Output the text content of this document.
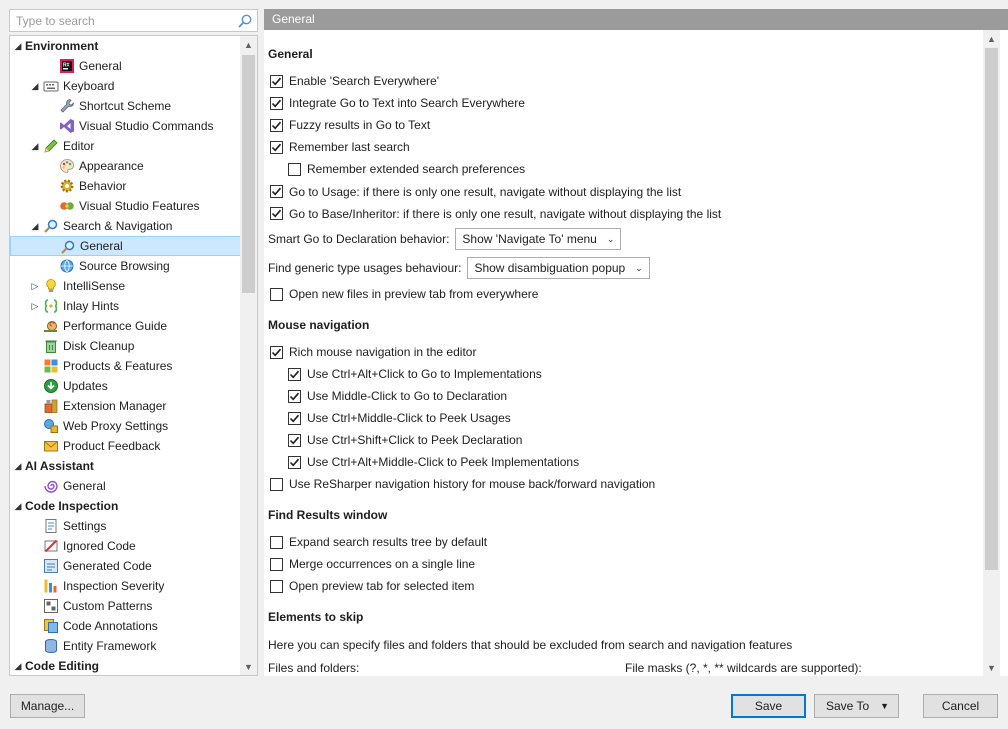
Type to search
◢ Environment
R# General
◢ Keyboard
Shortcut Scheme
Visual Studio Commands
◢ Editor
Appearance
Behavior
Visual Studio Features
◢ Search & Navigation
General
Source Browsing
▷ IntelliSense
▷ Inlay Hints
Performance Guide
Disk Cleanup
Products & Features
Updates
Extension Manager
Web Proxy Settings
Product Feedback
◢ AI Assistant
General
◢ Code Inspection
Settings
Ignored Code
Generated Code
Inspection Severity
Custom Patterns
Code Annotations
Entity Framework
◢ Code Editing
▲
▼
General
General
Enable 'Search Everywhere'
Integrate Go to Text into Search Everywhere
Fuzzy results in Go to Text
Remember last search
Remember extended search preferences
Go to Usage: if there is only one result, navigate without displaying the list
Go to Base/Inheritor: if there is only one result, navigate without displaying the list
Smart Go to Declaration behavior: Show 'Navigate To' menu ⌄
Find generic type usages behaviour: Show disambiguation popup ⌄
Open new files in preview tab from everywhere
Mouse navigation
Rich mouse navigation in the editor
Use Ctrl+Alt+Click to Go to Implementations
Use Middle-Click to Go to Declaration
Use Ctrl+Middle-Click to Peek Usages
Use Ctrl+Shift+Click to Peek Declaration
Use Ctrl+Alt+Middle-Click to Peek Implementations
Use ReSharper navigation history for mouse back/forward navigation
Find Results window
Expand search results tree by default
Merge occurrences on a single line
Open preview tab for selected item
Elements to skip
Here you can specify files and folders that should be excluded from search and navigation features
Files and folders:	File masks (?, *, ** wildcards are supported):
▲
▼
Manage...	Save	Save To ▼	Cancel
